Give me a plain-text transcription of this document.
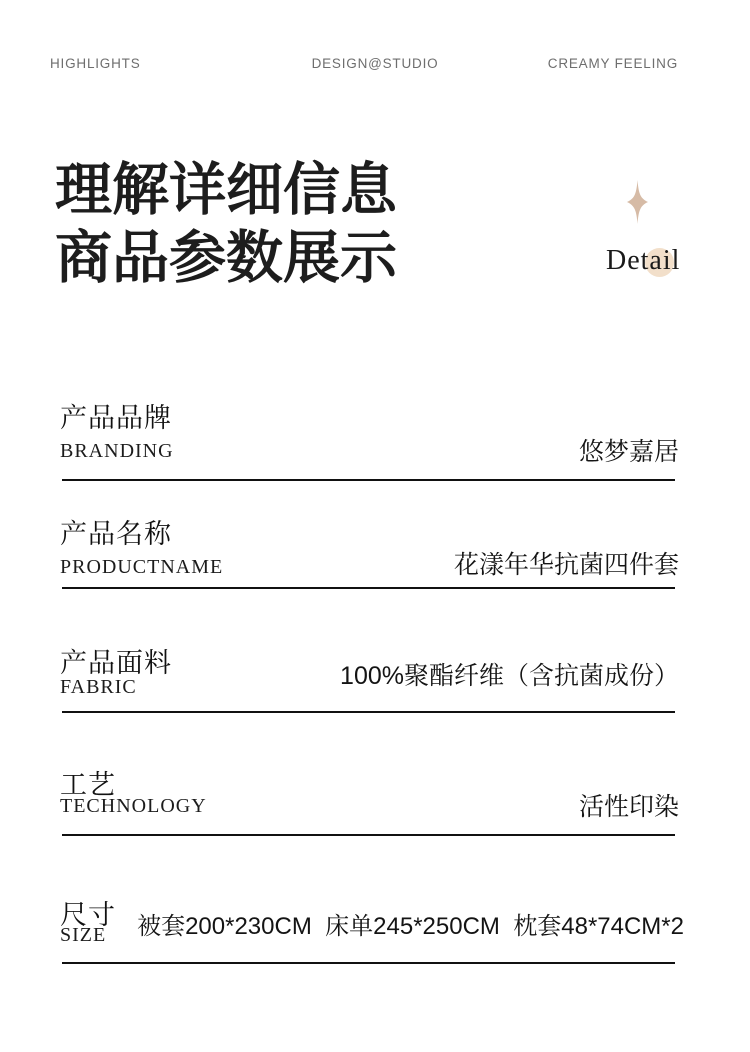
HIGHLIGHTS	DESIGN@STUDIO	CREAMY FEELING
理解详细信息
商品参数展示	Detail
产品品牌
BRANDING	悠梦嘉居
产品名称
PRODUCTNAME	花漾年华抗菌四件套
产品面料
FABRIC	100%聚酯纤维（含抗菌成份）
工艺
TECHNOLOGY	活性印染
尺寸
SIZE 被套200*230CM  床单245*250CM  枕套48*74CM*2
